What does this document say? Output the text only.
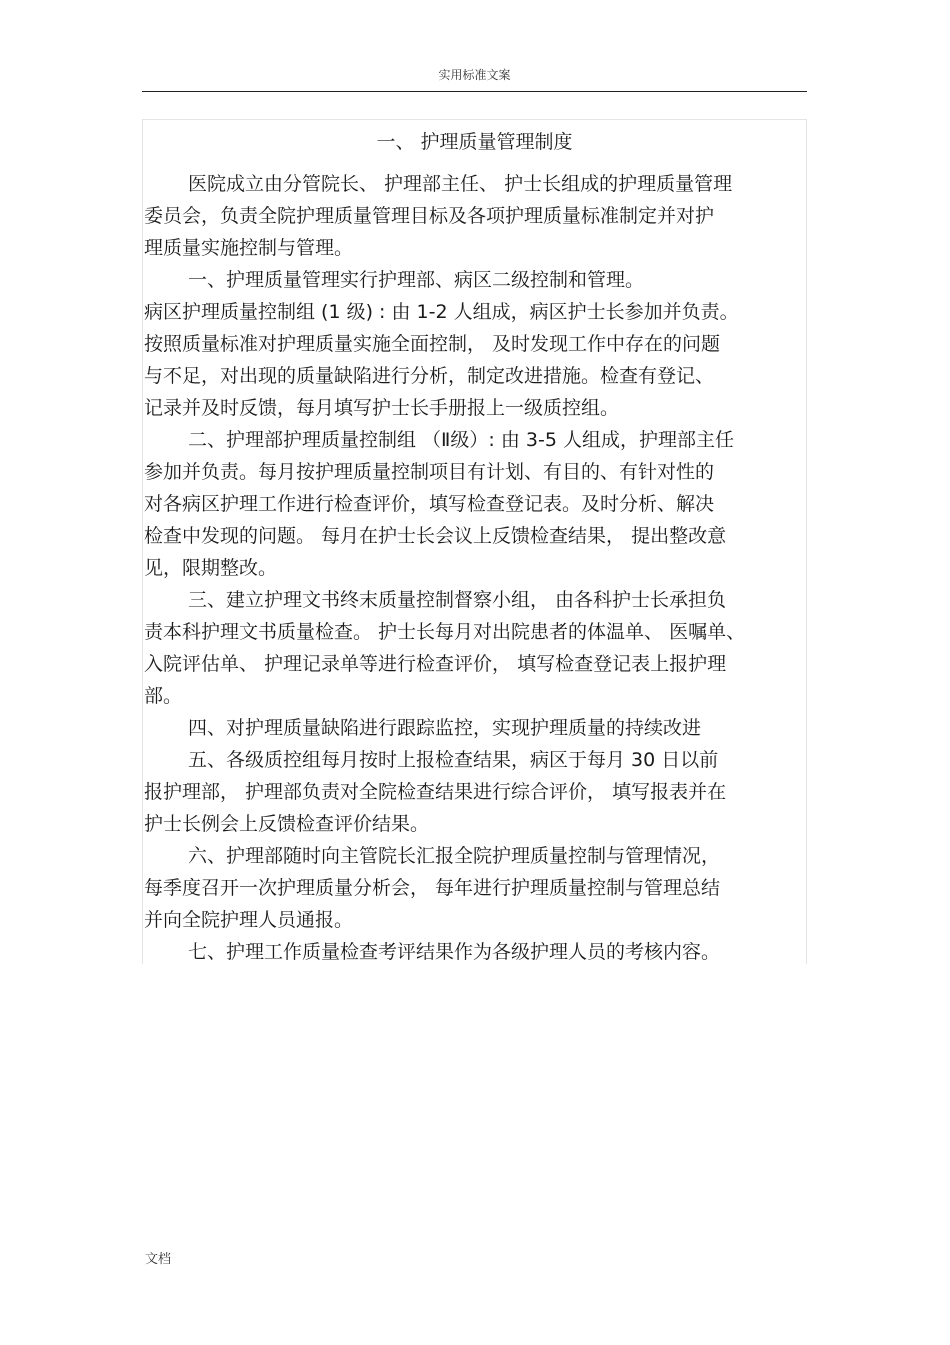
实用标准文案
一、 护理质量管理制度
医院成立由分管院长、 护理部主任、 护士长组成的护理质量管理
委员会，负责全院护理质量管理目标及各项护理质量标准制定并对护
理质量实施控制与管理。
一、护理质量管理实行护理部、病区二级控制和管理。
病区护理质量控制组 (1 级) : 由 1-2 人组成，病区护士长参加并负责。
按照质量标准对护理质量实施全面控制， 及时发现工作中存在的问题
与不足，对出现的质量缺陷进行分析，制定改进措施。检查有登记、
记录并及时反馈，每月填写护士长手册报上一级质控组。
二、护理部护理质量控制组 （Ⅱ级）: 由 3-5 人组成，护理部主任
参加并负责。每月按护理质量控制项目有计划、有目的、有针对性的
对各病区护理工作进行检查评价，填写检查登记表。及时分析、解决
检查中发现的问题。 每月在护士长会议上反馈检查结果， 提出整改意
见，限期整改。
三、建立护理文书终末质量控制督察小组， 由各科护士长承担负
责本科护理文书质量检查。 护士长每月对出院患者的体温单、 医嘱单、
入院评估单、 护理记录单等进行检查评价， 填写检查登记表上报护理
部。
四、对护理质量缺陷进行跟踪监控，实现护理质量的持续改进
五、各级质控组每月按时上报检查结果，病区于每月 30 日以前
报护理部， 护理部负责对全院检查结果进行综合评价， 填写报表并在
护士长例会上反馈检查评价结果。
六、护理部随时向主管院长汇报全院护理质量控制与管理情况，
每季度召开一次护理质量分析会， 每年进行护理质量控制与管理总结
并向全院护理人员通报。
七、护理工作质量检查考评结果作为各级护理人员的考核内容。
文档
